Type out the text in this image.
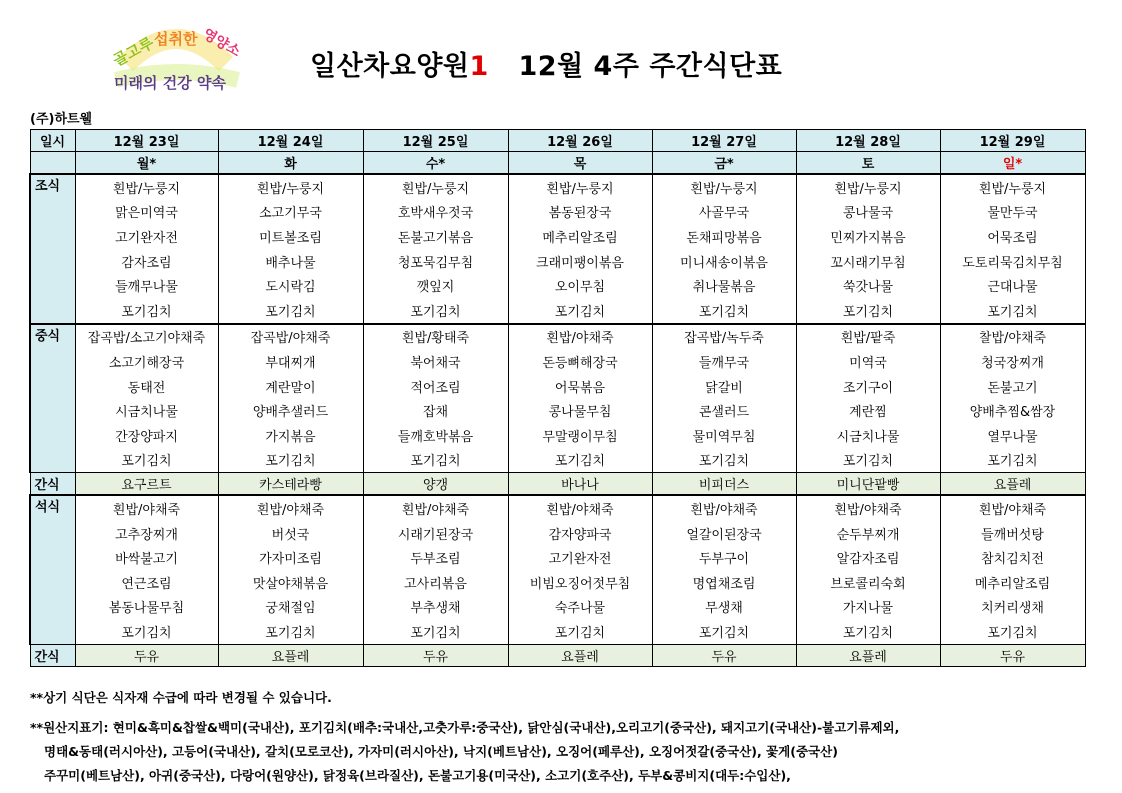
골고루
섭취한 영양소
미래의 건강 약속
일산차요양원1 12월 4주 주간식단표
(주)하트웰
일시	12월 23일	12월 24일	12월 25일	12월 26일	12월 27일	12월 28일	12월 29일
	월*	화	수*	목	금*	토	일*
조식	흰밥/누룽지	흰밥/누룽지	흰밥/누룽지	흰밥/누룽지	흰밥/누룽지	흰밥/누룽지	흰밥/누룽지
	맑은미역국	소고기무국	호박새우젓국	봄동된장국	사골무국	콩나물국	물만두국
	고기완자전	미트볼조림	돈불고기볶음	메추리알조림	돈채피망볶음	민찌가지볶음	어묵조림
	감자조림	배추나물	청포묵김무침	크래미팽이볶음	미니새송이볶음	꼬시래기무침	도토리묵김치무침
	들깨무나물	도시락김	깻잎지	오이무침	취나물볶음	쑥갓나물	근대나물
	포기김치	포기김치	포기김치	포기김치	포기김치	포기김치	포기김치
중식	잡곡밥/소고기야채죽	잡곡밥/야채죽	흰밥/황태죽	흰밥/야채죽	잡곡밥/녹두죽	흰밥/팥죽	찰밥/야채죽
	소고기해장국	부대찌개	북어채국	돈등뼈해장국	들깨무국	미역국	청국장찌개
	동태전	계란말이	적어조림	어묵볶음	닭갈비	조기구이	돈불고기
	시금치나물	양배추샐러드	잡채	콩나물무침	콘샐러드	계란찜	양배추찜&쌈장
	간장양파지	가지볶음	들깨호박볶음	무말랭이무침	물미역무침	시금치나물	열무나물
	포기김치	포기김치	포기김치	포기김치	포기김치	포기김치	포기김치
간식	요구르트	카스테라빵	양갱	바나나	비피더스	미니단팥빵	요플레
석식	흰밥/야채죽	흰밥/야채죽	흰밥/야채죽	흰밥/야채죽	흰밥/야채죽	흰밥/야채죽	흰밥/야채죽
	고추장찌개	버섯국	시래기된장국	감자양파국	얼갈이된장국	순두부찌개	들깨버섯탕
	바싹불고기	가자미조림	두부조림	고기완자전	두부구이	알감자조림	참치김치전
	연근조림	맛살야채볶음	고사리볶음	비빔오징어젓무침	명엽채조림	브로콜리숙회	메추리알조림
	봄동나물무침	궁채절임	부추생채	숙주나물	무생채	가지나물	치커리생채
	포기김치	포기김치	포기김치	포기김치	포기김치	포기김치	포기김치
간식	두유	요플레	두유	요플레	두유	요플레	두유
**상기 식단은 식자재 수급에 따라 변경될 수 있습니다.
**원산지표기: 현미&흑미&찹쌀&백미(국내산), 포기김치(배추:국내산,고춧가루:중국산), 닭안심(국내산),오리고기(중국산), 돼지고기(국내산)-불고기류제외,
명태&동태(러시아산), 고등어(국내산), 갈치(모로코산), 가자미(러시아산), 낙지(베트남산), 오징어(페루산), 오징어젓갈(중국산), 꽃게(중국산)
주꾸미(베트남산), 아귀(중국산), 다랑어(원양산), 닭정육(브라질산), 돈불고기용(미국산), 소고기(호주산), 두부&콩비지(대두:수입산),
